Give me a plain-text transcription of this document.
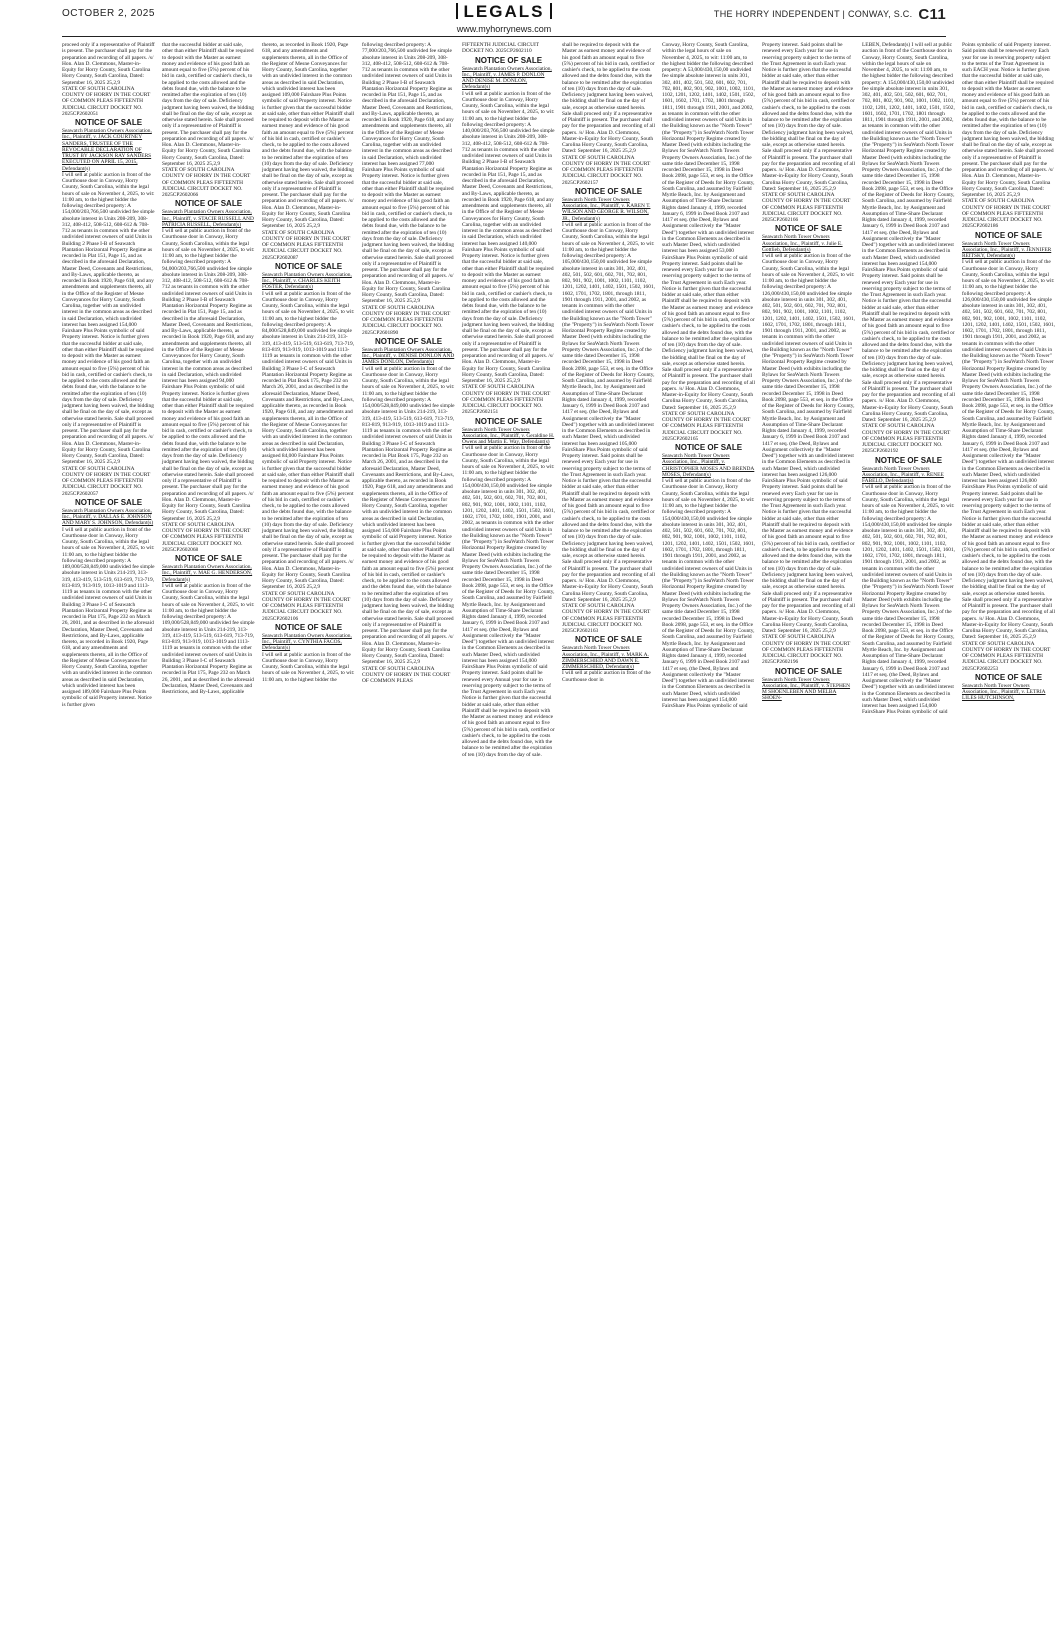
OCTOBER 2, 2025	LEGALS	THE HORRY INDEPENDENT | CONWAY, S.C. C11
www.myhorrynews.com

proceed only if a representative of Plaintiff is present. The purchaser shall pay for the preparation and recording of all papers. /s/ Hon. Alan D. Clemmons, Master-in-Equity for Horry County, South Carolina Horry County, South Carolina, Dated: September 16, 2025 25,2,9

STATE OF SOUTH CAROLINA COUNTY OF HORRY IN THE COURT OF COMMON PLEAS FIFTEENTH JUDICIAL CIRCUIT DOCKET NO. 2025CP2602051

NOTICE OF SALE

Seawatch Plantation Owners Association, Inc., Plaintiff, v. JACK COURTNEY SANDERS, TRUSTEE OF THE REVOCABLE DECLARATION OF TRUST BY JACKSON RAY SANDERS EXECUTED ON APRIL 15, 2015, Defendant(s)

I will sell at public auction in front of the Courthouse door in Conway, Horry County, South Carolina, within the legal hours of sale on November 4, 2025, to wit: 11:00 am, to the highest bidder the following described property: A 154,000/203,766,500 undivided fee simple absolute interest in Units 208-209, 308-312, 408-412, 508-512, 608-612 & 708-712 as tenants in common with the other undivided interest owners of said Units in Building 2 Phase I-B of Seawatch Plantation Horizontal Property Regime as recorded in Plat 151, Page 15, and as described in the aforesaid Declaration, Master Deed, Covenants and Restrictions, and By-Laws, applicable thereto, as recorded in Book 1920, Page 618, and any amendments and supplements thereto, all in the Office of the Register of Mesne Conveyances for Horry County, South Carolina, together with an undivided interest in the common areas as described in said Declaration, which undivided interest has been assigned 154,000 Fairshare Plus Points symbolic of said Property interest. Notice is further given that the successful bidder at said sale, other than either Plaintiff shall be required to deposit with the Master as earnest money and evidence of his good faith an amount equal to five (5%) percent of his bid in cash, certified or cashier's check, to be applied to the costs allowed and the debts found due, with the balance to be remitted after the expiration of ten (10) days from the day of sale. Deficiency judgment having been waived, the bidding shall be final on the day of sale, except as otherwise stated herein. Sale shall proceed only if a representative of Plaintiff is present. The purchaser shall pay for the preparation and recording of all papers. /s/ Hon. Alan D. Clemmons, Master-in-Equity for Horry County, South Carolina Horry County, South Carolina, Dated: September 16, 2025 25,2,9

STATE OF SOUTH CAROLINA COUNTY OF HORRY IN THE COURT OF COMMON PLEAS FIFTEENTH JUDICIAL CIRCUIT DOCKET NO. 2025CP2602057

NOTICE OF SALE

Seawatch Plantation Owners Association, Inc., Plaintiff, v. DALLAS E. JOHNSON AND MARY S. JOHNSON, Defendant(s)

I will sell at public auction in front of the Courthouse door in Conway, Horry County, South Carolina, within the legal hours of sale on November 4, 2025, to wit: 11:00 am, to the highest bidder the following described property: A 189,000/528,849,000 undivided fee simple absolute interest in Units 214-219, 313-319, 413-419, 513-519, 613-619, 713-719, 813-819, 913-919, 1013-1019 and 1113-1119 as tenants in common with the other undivided interest owners of said Units in Building 3 Phase I-C of Seawatch Plantation Horizontal Property Regime as recorded in Plat 175, Page 232 on March 26, 2001, and as described in the aforesaid Declaration, Master Deed, Covenants and Restrictions, and By-Laws, applicable thereto, as recorded in Book 1920, Page 618, and any amendments and supplements thereto, all in the Office of the Register of Mesne Conveyances for Horry County, South Carolina, together with an undivided interest in the common areas as described in said Declaration, which undivided interest has been assigned 189,000 Fairshare Plus Points symbolic of said Property interest. Notice is further given

that the successful bidder at said sale, other than either Plaintiff shall be required to deposit with the Master as earnest money and evidence of his good faith an amount equal to five (5%) percent of his bid in cash, certified or cashier's check, to be applied to the costs allowed and the debts found due, with the balance to be remitted after the expiration of ten (10) days from the day of sale. Deficiency judgment having been waived, the bidding shall be final on the day of sale, except as otherwise stated herein. Sale shall proceed only if a representative of Plaintiff is present. The purchaser shall pay for the preparation and recording of all papers. /s/ Hon. Alan D. Clemmons, Master-in-Equity for Horry County, South Carolina Horry County, South Carolina, Dated: September 16, 2025 25,2,9

STATE OF SOUTH CAROLINA COUNTY OF HORRY IN THE COURT OF COMMON PLEAS FIFTEENTH JUDICIAL CIRCUIT DOCKET NO. 2025CP2602066

NOTICE OF SALE

Seawatch Plantation Owners Association, Inc., Plaintiff, v. STACIE RUSSELL AND PATRICIA RUSSELL, Defendant(s)

I will sell at public auction in front of the Courthouse door in Conway, Horry County, South Carolina, within the legal hours of sale on November 4, 2025, to wit: 11:00 am, to the highest bidder the following described property: A 94,000/203,766,500 undivided fee simple absolute interest in Units 208-209, 308-312, 408-412, 508-512, 608-612 & 708-712 as tenants in common with the other undivided interest owners of said Units in Building 2 Phase I-B of Seawatch Plantation Horizontal Property Regime as recorded in Plat 151, Page 15, and as described in the aforesaid Declaration, Master Deed, Covenants and Restrictions, and By-Laws, applicable thereto, as recorded in Book 1920, Page 618, and any amendments and supplements thereto, all in the Office of the Register of Mesne Conveyances for Horry County, South Carolina, together with an undivided interest in the common areas as described in said Declaration, which undivided interest has been assigned 94,000 Fairshare Plus Points symbolic of said Property interest. Notice is further given that the successful bidder at said sale, other than either Plaintiff shall be required to deposit with the Master as earnest money and evidence of his good faith an amount equal to five (5%) percent of his bid in cash, certified or cashier's check, to be applied to the costs allowed and the debts found due, with the balance to be remitted after the expiration of ten (10) days from the day of sale. Deficiency judgment having been waived, the bidding shall be final on the day of sale, except as otherwise stated herein. Sale shall proceed only if a representative of Plaintiff is present. The purchaser shall pay for the preparation and recording of all papers. /s/ Hon. Alan D. Clemmons, Master-in-Equity for Horry County, South Carolina Horry County, South Carolina, Dated: September 16, 2025 25,2,9

STATE OF SOUTH CAROLINA COUNTY OF HORRY IN THE COURT OF COMMON PLEAS FIFTEENTH JUDICIAL CIRCUIT DOCKET NO. 2025CP2602068

NOTICE OF SALE

Seawatch Plantation Owners Association, Inc., Plaintiff, v. MAE G. HENDERSON, Defendant(s)

I will sell at public auction in front of the Courthouse door in Conway, Horry County, South Carolina, within the legal hours of sale on November 4, 2025, to wit: 11:00 am, to the highest bidder the following described property: A 109,000/528,849,000 undivided fee simple absolute interest in Units 214-219, 313-319, 413-419, 513-519, 613-619, 713-719, 813-819, 913-919, 1013-1019 and 1113-1119 as tenants in common with the other undivided interest owners of said Units in Building 3 Phase I-C of Seawatch Plantation Horizontal Property Regime as recorded in Plat 175, Page 232 on March 26, 2001, and as described in the aforesaid Declaration, Master Deed, Covenants and Restrictions, and By-Laws, applicable

thereto, as recorded in Book 1920, Page 618, and any amendments and supplements thereto, all in the Office of the Register of Mesne Conveyances for Horry County, South Carolina, together with an undivided interest in the common areas as described in said Declaration, which undivided interest has been assigned 109,000 Fairshare Plus Points symbolic of said Property interest. Notice is further given that the successful bidder at said sale, other than either Plaintiff shall be required to deposit with the Master as earnest money and evidence of his good faith an amount equal to five (5%) percent of his bid in cash, certified or cashier's check, to be applied to the costs allowed and the debts found due, with the balance to be remitted after the expiration of ten (10) days from the day of sale. Deficiency judgment having been waived, the bidding shall be final on the day of sale, except as otherwise stated herein. Sale shall proceed only if a representative of Plaintiff is present. The purchaser shall pay for the preparation and recording of all papers. /s/ Hon. Alan D. Clemmons, Master-in-Equity for Horry County, South Carolina Horry County, South Carolina, Dated: September 16, 2025 25,2,9

STATE OF SOUTH CAROLINA COUNTY OF HORRY IN THE COURT OF COMMON PLEAS FIFTEENTH JUDICIAL CIRCUIT DOCKET NO. 2025CP2602087

NOTICE OF SALE

Seawatch Plantation Owners Association, Inc., Plaintiff, v. CHARLES KEITH FOSTER, Defendant(s)

I will sell at public auction in front of the Courthouse door in Conway, Horry County, South Carolina, within the legal hours of sale on November 4, 2025, to wit: 11:00 am, to the highest bidder the following described property: A 84,000/528,849,000 undivided fee simple absolute interest in Units 214-219, 313-319, 413-419, 513-519, 613-619, 713-719, 813-819, 913-919, 1013-1019 and 1113-1119 as tenants in common with the other undivided interest owners of said Units in Building 3 Phase I-C of Seawatch Plantation Horizontal Property Regime as recorded in Plat Book 175, Page 232 on March 26, 2001, and as described in the aforesaid Declaration, Master Deed, Covenants and Restrictions, and By-Laws, applicable thereto, as recorded in Book 1920, Page 618, and any amendments and supplements thereto, all in the Office of the Register of Mesne Conveyances for Horry County, South Carolina, together with an undivided interest in the common areas as described in said Declaration, which undivided interest has been assigned 84,000 Fairshare Plus Points symbolic of said Property interest. Notice is further given that the successful bidder at said sale, other than either Plaintiff shall be required to deposit with the Master as earnest money and evidence of his good faith an amount equal to five (5%) percent of his bid in cash, certified or cashier's check, to be applied to the costs allowed and the debts found due, with the balance to be remitted after the expiration of ten (10) days from the day of sale. Deficiency judgment having been waived, the bidding shall be final on the day of sale, except as otherwise stated herein. Sale shall proceed only if a representative of Plaintiff is present. The purchaser shall pay for the preparation and recording of all papers. /s/ Hon. Alan D. Clemmons, Master-in-Equity for Horry County, South Carolina Horry County, South Carolina, Dated: September 16, 2025 25,2,9

STATE OF SOUTH CAROLINA COUNTY OF HORRY IN THE COURT OF COMMON PLEAS FIFTEENTH JUDICIAL CIRCUIT DOCKET NO. 2025CP2602106

NOTICE OF SALE

Seawatch Plantation Owners Association, Inc., Plaintiff, v. CYNTHIA FACOS, Defendant(s)

I will sell at public auction in front of the Courthouse door in Conway, Horry County, South Carolina, within the legal hours of sale on November 4, 2025, to wit: 11:00 am, to the highest bidder the

following described property: A 77,000/203,766,500 undivided fee simple absolute interest in Units 208-209, 308-312, 408-412, 508-512, 608-612 & 708-712 as tenants in common with the other undivided interest owners of said Units in Building 2 Phase I-B of Seawatch Plantation Horizontal Property Regime as recorded in Plat 151, Page 15, and as described in the aforesaid Declaration, Master Deed, Covenants and Restrictions, and By-Laws, applicable thereto, as recorded in Book 1920, Page 618, and any amendments and supplements thereto, all in the Office of the Register of Mesne Conveyances for Horry County, South Carolina, together with an undivided interest in the common areas as described in said Declaration, which undivided interest has been assigned 77,000 Fairshare Plus Points symbolic of said Property interest. Notice is further given that the successful bidder at said sale, other than either Plaintiff shall be required to deposit with the Master as earnest money and evidence of his good faith an amount equal to five (5%) percent of his bid in cash, certified or cashier's check, to be applied to the costs allowed and the debts found due, with the balance to be remitted after the expiration of ten (10) days from the day of sale. Deficiency judgment having been waived, the bidding shall be final on the day of sale, except as otherwise stated herein. Sale shall proceed only if a representative of Plaintiff is present. The purchaser shall pay for the preparation and recording of all papers. /s/ Hon. Alan D. Clemmons, Master-in-Equity for Horry County, South Carolina Horry County, South Carolina, Dated: September 16, 2025 25,2,9

STATE OF SOUTH CAROLINA COUNTY OF HORRY IN THE COURT OF COMMON PLEAS FIFTEENTH JUDICIAL CIRCUIT DOCKET NO. 2025CP2601890

NOTICE OF SALE

Seawatch Plantation Owners Association, Inc., Plaintiff, v. DENISE DONLON AND JAMES DONLON, Defendant(s)

I will sell at public auction in front of the Courthouse door in Conway, Horry County, South Carolina, within the legal hours of sale on November 4, 2025, to wit: 11:00 am, to the highest bidder the following described property: A 154,000/528,849,000 undivided fee simple absolute interest in Units 214-219, 313-319, 413-419, 513-519, 613-619, 713-719, 813-819, 913-919, 1013-1019 and 1113-1119 as tenants in common with the other undivided interest owners of said Units in Building 3 Phase I-C of Seawatch Plantation Horizontal Property Regime as recorded in Plat Book 175, Page 232 on March 26, 2001, and as described in the aforesaid Declaration, Master Deed, Covenants and Restrictions, and By-Laws, applicable thereto, as recorded in Book 1920, Page 618, and any amendments and supplements thereto, all in the Office of the Register of Mesne Conveyances for Horry County, South Carolina, together with an undivided interest in the common areas as described in said Declaration, which undivided interest has been assigned 154,000 Fairshare Plus Points symbolic of said Property interest. Notice is further given that the successful bidder at said sale, other than either Plaintiff shall be required to deposit with the Master as earnest money and evidence of his good faith an amount equal to five (5%) percent of his bid in cash, certified or cashier's check, to be applied to the costs allowed and the debts found due, with the balance to be remitted after the expiration of ten (10) days from the day of sale. Deficiency judgment having been waived, the bidding shall be final on the day of sale, except as otherwise stated herein. Sale shall proceed only if a representative of Plaintiff is present. The purchaser shall pay for the preparation and recording of all papers. /s/ Hon. Alan D. Clemmons, Master-in-Equity for Horry County, South Carolina Horry County, South Carolina, Dated: September 16, 2025 25,2,9

STATE OF SOUTH CAROLINA COUNTY OF HORRY IN THE COURT OF COMMON PLEAS

FIFTEENTH JUDICIAL CIRCUIT DOCKET NO. 2025CP2602110

NOTICE OF SALE

Seawatch Plantation Owners Association, Inc., Plaintiff, v. JAMES P. DONLON AND DENISE M. DONLON, Defendant(s)

I will sell at public auction in front of the Courthouse door in Conway, Horry County, South Carolina, within the legal hours of sale on November 4, 2025, to wit: 11:00 am, to the highest bidder the following described property: A 140,000/203,766,500 undivided fee simple absolute interest in Units 208-209, 308-312, 408-412, 508-512, 608-612 & 708-712 as tenants in common with the other undivided interest owners of said Units in Building 2 Phase I-B of Seawatch Plantation Horizontal Property Regime as recorded in Plat 151, Page 15, and as described in the aforesaid Declaration, Master Deed, Covenants and Restrictions, and By-Laws, applicable thereto, as recorded in Book 1920, Page 618, and any amendments and supplements thereto, all in the Office of the Register of Mesne Conveyances for Horry County, South Carolina, together with an undivided interest in the common areas as described in said Declaration, which undivided interest has been assigned 140,000 Fairshare Plus Points symbolic of said Property interest. Notice is further given that the successful bidder at said sale, other than either Plaintiff shall be required to deposit with the Master as earnest money and evidence of his good faith an amount equal to five (5%) percent of his bid in cash, certified or cashier's check, to be applied to the costs allowed and the debts found due, with the balance to be remitted after the expiration of ten (10) days from the day of sale. Deficiency judgment having been waived, the bidding shall be final on the day of sale, except as otherwise stated herein. Sale shall proceed only if a representative of Plaintiff is present. The purchaser shall pay for the preparation and recording of all papers. /s/ Hon. Alan D. Clemmons, Master-in-Equity for Horry County, South Carolina Horry County, South Carolina, Dated: September 16, 2025 25,2,9

STATE OF SOUTH CAROLINA COUNTY OF HORRY IN THE COURT OF COMMON PLEAS FIFTEENTH JUDICIAL CIRCUIT DOCKET NO. 2025CP2602151

NOTICE OF SALE

Seawatch North Tower Owners Association, Inc., Plaintiff, v. Geraldine H. Owens and Martin E. Way, Defendant(s)

I will sell at public auction in front of the Courthouse door in Conway, Horry County, South Carolina, within the legal hours of sale on November 4, 2025, to wit: 11:00 am, to the highest bidder the following described property: A 154,000/430,150,00 undivided fee simple absolute interest in units 301, 302, 401, 402, 501, 502, 601, 602, 701, 702, 801, 802, 901, 902, 1001, 1002, 1101, 1102, 1201, 1202, 1401, 1402, 1501, 1502, 1601, 1602, 1701, 1702, 1801, 1901, 2001, and 2002, as tenants in common with the other undivided interest owners of said Units in the Building known as the "North Tower" (the "Property") in SeaWatch North Tower Horizontal Property Regime created by Master Deed (with exhibits including the Bylaws for SeaWatch North Towers Property Owners Association, Inc.) of the same title dated December 15, 1998 recorded December 15, 1998 in Deed Book 2098, page 553, et seq. in the Office of the Register of Deeds for Horry County, South Carolina, and assumed by Fairfield Myrtle Beach, Inc. by Assignment and Assumption of Time-Share Declarant Rights dated January 4, 1999, recorded January 6, 1999 in Deed Book 2107 and 1417 et seq. (the Deed, Bylaws and Assignment collectively the "Master Deed") together with an undivided interest in the Common Elements as described in such Master Deed, which undivided interest has been assigned 154,000 FairsShare Plus Points symbolic of said Property interest. Said points shall be renewed every Annual year for use in reserving property subject to the terms of the Trust Agreement in such Each year. Notice is further given that the successful bidder at said sale, other than either Plaintiff shall be required to deposit with the Master as earnest money and evidence of his good faith an amount equal to five (5%) percent of his bid in cash, certified or cashier's check, to be applied to the costs allowed and the debts found due, with the balance to be remitted after the expiration of ten (10) days from the day of sale.

shall be required to deposit with the Master as earnest money and evidence of his good faith an amount equal to five (5%) percent of his bid in cash, certified or cashier's check, to be applied to the costs allowed and the debts found due, with the balance to be remitted after the expiration of ten (10) days from the day of sale. Deficiency judgment having been waived, the bidding shall be final on the day of sale, except as otherwise stated herein. Sale shall proceed only if a representative of Plaintiff is present. The purchaser shall pay for the preparation and recording of all papers. /s/ Hon. Alan D. Clemmons, Master-in-Equity for Horry County, South Carolina Horry County, South Carolina, Dated: September 16, 2025 25,2,9

STATE OF SOUTH CAROLINA COUNTY OF HORRY IN THE COURT OF COMMON PLEAS FIFTEENTH JUDICIAL CIRCUIT DOCKET NO. 2025CP2602157

NOTICE OF SALE

Seawatch North Tower Owners Association, Inc., Plaintiff, v. KAREN T. WILSON AND GEORGE R. WILSON, JR., Defendant(s)

I will sell at public auction in front of the Courthouse door in Conway, Horry County, South Carolina, within the legal hours of sale on November 4, 2025, to wit: 11:00 am, to the highest bidder the following described property: A 105,000/430,150,00 undivided fee simple absolute interest in units 301, 302, 401, 402, 501, 502, 601, 602, 701, 702, 801, 802, 901, 902, 1001, 1002, 1101, 1102, 1201, 1202, 1401, 1402, 1501, 1502, 1601, 1602, 1701, 1702, 1801, through 1811, 1901 through 1911, 2001, and 2002, as tenants in common with the other undivided interest owners of said Units in the Building known as the "North Tower" (the "Property") in SeaWatch North Tower Horizontal Property Regime created by Master Deed (with exhibits including the Bylaws for SeaWatch North Towers Property Owners Association, Inc.) of the same title dated December 15, 1998 recorded December 15, 1998 in Deed Book 2098, page 553, et seq. in the Office of the Register of Deeds for Horry County, South Carolina, and assumed by Fairfield Myrtle Beach, Inc. by Assignment and Assumption of Time-Share Declarant Rights dated January 4, 1999, recorded January 6, 1999 in Deed Book 2107 and 1417 et seq. (the Deed, Bylaws and Assignment collectively the "Master Deed") together with an undivided interest in the Common Elements as described in such Master Deed, which undivided interest has been assigned 105,000 FairsShare Plus Points symbolic of said Property interest. Said points shall be renewed every Each year for use in reserving property subject to the terms of the Trust Agreement in such Each year. Notice is further given that the successful bidder at said sale, other than either Plaintiff shall be required to deposit with the Master as earnest money and evidence of his good faith an amount equal to five (5%) percent of his bid in cash, certified or cashier's check, to be applied to the costs allowed and the debts found due, with the balance to be remitted after the expiration of ten (10) days from the day of sale. Deficiency judgment having been waived, the bidding shall be final on the day of sale, except as otherwise stated herein. Sale shall proceed only if a representative of Plaintiff is present. The purchaser shall pay for the preparation and recording of all papers. /s/ Hon. Alan D. Clemmons, Master-in-Equity for Horry County, South Carolina Horry County, South Carolina, Dated: September 16, 2025 25,2,9

STATE OF SOUTH CAROLINA COUNTY OF HORRY IN THE COURT OF COMMON PLEAS FIFTEENTH JUDICIAL CIRCUIT DOCKET NO. 2025CP2602163

NOTICE OF SALE

Seawatch North Tower Owners Association, Inc., Plaintiff, v. MARK A. ZIMMERSCHIED AND DAWN E. ZIMMERSCHIED, Defendant(s)

I will sell at public auction in front of the Courthouse door in

Conway, Horry County, South Carolina, within the legal hours of sale on November 4, 2025, to wit: 11:00 am, to the highest bidder the following described property: A 53,000/430,150,00 undivided fee simple absolute interest in units 301, 302, 401, 402, 501, 502, 601, 602, 701, 702, 801, 802, 901, 902, 1001, 1002, 1101, 1102, 1201, 1202, 1401, 1402, 1501, 1502, 1601, 1602, 1701, 1702, 1801 through 1811, 1901 through 1911, 2001, and 2002, as tenants in common with the other undivided interest owners of said Units in the Building known as the "North Tower" (the "Property") in SeaWatch North Tower Horizontal Property Regime created by Master Deed (with exhibits including the Bylaws for SeaWatch North Towers Property Owners Association, Inc.) of the same title dated December 15, 1998 recorded December 15, 1998 in Deed Book 2098, page 553, et seq. in the Office of the Register of Deeds for Horry County, South Carolina, and assumed by Fairfield Myrtle Beach, Inc. by Assignment and Assumption of Time-Share Declarant Rights dated January 4, 1999, recorded January 6, 1999 in Deed Book 2107 and 1417 et seq. (the Deed, Bylaws and Assignment collectively the "Master Deed") together with an undivided interest in the Common Elements as described in such Master Deed, which undivided interest has been assigned 53,000 FairsShare Plus Points symbolic of said Property interest. Said points shall be renewed every Each year for use in reserving property subject to the terms of the Trust Agreement in such Each year. Notice is further given that the successful bidder at said sale, other than either Plaintiff shall be required to deposit with the Master as earnest money and evidence of his good faith an amount equal to five (5%) percent of his bid in cash, certified or cashier's check, to be applied to the costs allowed and the debts found due, with the balance to be remitted after the expiration of ten (10) days from the day of sale. Deficiency judgment having been waived, the bidding shall be final on the day of sale, except as otherwise stated herein. Sale shall proceed only if a representative of Plaintiff is present. The purchaser shall pay for the preparation and recording of all papers. /s/ Hon. Alan D. Clemmons, Master-in-Equity for Horry County, South Carolina Horry County, South Carolina, Dated: September 16, 2025 25,2,9

STATE OF SOUTH CAROLINA COUNTY OF HORRY IN THE COURT OF COMMON PLEAS FIFTEENTH JUDICIAL CIRCUIT DOCKET NO. 2025CP2602165

NOTICE OF SALE

Seawatch North Tower Owners Association, Inc., Plaintiff, v. CHRISTOPHER MOSES AND BRENDA MOSES, Defendant(s)

I will sell at public auction in front of the Courthouse door in Conway, Horry County, South Carolina, within the legal hours of sale on November 4, 2025, to wit: 11:00 am, to the highest bidder the following described property: A 154,000/430,150,00 undivided fee simple absolute interest in units 301, 302, 401, 402, 501, 502, 601, 602, 701, 702, 801, 802, 901, 902, 1001, 1002, 1101, 1102, 1201, 1202, 1401, 1402, 1501, 1502, 1601, 1602, 1701, 1702, 1801, through 1811, 1901 through 1911, 2001, and 2002, as tenants in common with the other undivided interest owners of said Units in the Building known as the "North Tower" (the "Property") in SeaWatch North Tower Horizontal Property Regime created by Master Deed (with exhibits including the Bylaws for SeaWatch North Towers Property Owners Association, Inc.) of the same title dated December 15, 1998 recorded December 15, 1998 in Deed Book 2098, page 553, et seq. in the Office of the Register of Deeds for Horry County, South Carolina, and assumed by Fairfield Myrtle Beach, Inc. by Assignment and Assumption of Time-Share Declarant Rights dated January 4, 1999, recorded January 6, 1999 in Deed Book 2107 and 1417 et seq. (the Deed, Bylaws and Assignment collectively the "Master Deed") together with an undivided interest in the Common Elements as described in such Master Deed, which undivided interest has been assigned 154,000 FairsShare Plus Points symbolic of said

Property interest. Said points shall be renewed every Each year for use in reserving property subject to the terms of the Trust Agreement in such Each year. Notice is further given that the successful bidder at said sale, other than either Plaintiff shall be required to deposit with the Master as earnest money and evidence of his good faith an amount equal to five (5%) percent of his bid in cash, certified or cashier's check, to be applied to the costs allowed and the debts found due, with the balance to be remitted after the expiration of ten (10) days from the day of sale. Deficiency judgment having been waived, the bidding shall be final on the day of sale, except as otherwise stated herein. Sale shall proceed only if a representative of Plaintiff is present. The purchaser shall pay for the preparation and recording of all papers. /s/ Hon. Alan D. Clemmons, Master-in-Equity for Horry County, South Carolina Horry County, South Carolina, Dated: September 16, 2025 25,2,9

STATE OF SOUTH CAROLINA COUNTY OF HORRY IN THE COURT OF COMMON PLEAS FIFTEENTH JUDICIAL CIRCUIT DOCKET NO. 2025CP2602166

NOTICE OF SALE

Seawatch North Tower Owners Association, Inc., Plaintiff, v. Julie E. Gottlieb, Defendant(s)

I will sell at public auction in front of the Courthouse door in Conway, Horry County, South Carolina, within the legal hours of sale on November 4, 2025, to wit: 11:00 am, to the highest bidder the following described property: A 126,000/430,150,00 undivided fee simple absolute interest in units 301, 302, 401, 402, 501, 502, 601, 602, 701, 702, 801, 802, 901, 902, 1001, 1002, 1101, 1102, 1201, 1202, 1401, 1402, 1501, 1502, 1601, 1602, 1701, 1702, 1801, through 1811, 1901 through 1911, 2001, and 2002, as tenants in common with the other undivided interest owners of said Units in the Building known as the "North Tower" (the "Property") in SeaWatch North Tower Horizontal Property Regime created by Master Deed (with exhibits including the Bylaws for SeaWatch North Towers Property Owners Association, Inc.) of the same title dated December 15, 1998 recorded December 15, 1998 in Deed Book 2098, page 553, et seq. in the Office of the Register of Deeds for Horry County, South Carolina, and assumed by Fairfield Myrtle Beach, Inc. by Assignment and Assumption of Time-Share Declarant Rights dated January 4, 1999, recorded January 6, 1999 in Deed Book 2107 and 1417 et seq. (the Deed, Bylaws and Assignment collectively the "Master Deed") together with an undivided interest in the Common Elements as described in such Master Deed, which undivided interest has been assigned 126,000 FairsShare Plus Points symbolic of said Property interest. Said points shall be renewed every Each year for use in reserving property subject to the terms of the Trust Agreement in such Each year. Notice is further given that the successful bidder at said sale, other than either Plaintiff shall be required to deposit with the Master as earnest money and evidence of his good faith an amount equal to five (5%) percent of his bid in cash, certified or cashier's check, to be applied to the costs allowed and the debts found due, with the balance to be remitted after the expiration of ten (10) days from the day of sale. Deficiency judgment having been waived, the bidding shall be final on the day of sale, except as otherwise stated herein. Sale shall proceed only if a representative of Plaintiff is present. The purchaser shall pay for the preparation and recording of all papers. /s/ Hon. Alan D. Clemmons, Master-in-Equity for Horry County, South Carolina Horry County, South Carolina, Dated: September 16, 2025 25,2,9

STATE OF SOUTH CAROLINA COUNTY OF HORRY IN THE COURT OF COMMON PLEAS FIFTEENTH JUDICIAL CIRCUIT DOCKET NO. 2025CP2602196

NOTICE OF SALE

Seawatch North Tower Owners Association, Inc., Plaintiff, v. STEPHEN M SHOENLEBEN AND MELBA SHOEN-

LEBEN, Defendant(s) I will sell at public auction in front of the Courthouse door in Conway, Horry County, South Carolina, within the legal hours of sale on November 4, 2025, to wit: 11:00 am, to the highest bidder the following described property: A 154,000/430,150,00 undivided fee simple absolute interest in units 301, 302, 401, 402, 501, 502, 601, 602, 701, 702, 801, 802, 901, 902, 1001, 1002, 1101, 1102, 1201, 1202, 1401, 1402, 1501, 1502, 1601, 1602, 1701, 1702, 1801 through 1811, 1901 through 1911, 2001, and 2002, as tenants in common with the other undivided interest owners of said Units in the Building known as the "North Tower" (the "Property") in SeaWatch North Tower Horizontal Property Regime created by Master Deed (with exhibits including the Bylaws for SeaWatch North Towers Property Owners Association, Inc.) of the same title dated December 15, 1998 recorded December 15, 1998 in Deed Book 2098, page 553, et seq. in the Office of the Register of Deeds for Horry County, South Carolina, and assumed by Fairfield Myrtle Beach, Inc. by Assignment and Assumption of Time-Share Declarant Rights dated January 4, 1999, recorded January 6, 1999 in Deed Book 2107 and 1417 et seq. (the Deed, Bylaws and Assignment collectively the "Master Deed") together with an undivided interest in the Common Elements as described in such Master Deed, which undivided interest has been assigned 154,000 FairsShare Plus Points symbolic of said Property interest. Said points shall be renewed every Each year for use in reserving property subject to the terms of the Trust Agreement in such Each year. Notice is further given that the successful bidder at said sale, other than either Plaintiff shall be required to deposit with the Master as earnest money and evidence of his good faith an amount equal to five (5%) percent of his bid in cash, certified or cashier's check, to be applied to the costs allowed and the debts found due, with the balance to be remitted after the expiration of ten (10) days from the day of sale. Deficiency judgment having been waived, the bidding shall be final on the day of sale, except as otherwise stated herein. Sale shall proceed only if a representative of Plaintiff is present. The purchaser shall pay for the preparation and recording of all papers. /s/ Hon. Alan D. Clemmons, Master-in-Equity for Horry County, South Carolina Horry County, South Carolina, Dated: September 16, 2025 25,2,9

STATE OF SOUTH CAROLINA COUNTY OF HORRY IN THE COURT OF COMMON PLEAS FIFTEENTH JUDICIAL CIRCUIT DOCKET NO. 2025CP2602192

NOTICE OF SALE

Seawatch North Tower Owners Association, Inc., Plaintiff, v. RENEE FABELO, Defendant(s)

I will sell at public auction in front of the Courthouse door in Conway, Horry County, South Carolina, within the legal hours of sale on November 4, 2025, to wit: 11:00 am, to the highest bidder the following described property: A 154,000/430,150,00 undivided fee simple absolute interest in units 301, 302, 401, 402, 501, 502, 601, 602, 701, 702, 801, 802, 901, 902, 1001, 1002, 1101, 1102, 1201, 1202, 1401, 1402, 1501, 1502, 1601, 1602, 1701, 1702, 1801, through 1811, 1901 through 1911, 2001, and 2002, as tenants in common with the other undivided interest owners of said Units in the Building known as the "North Tower" (the "Property") in SeaWatch North Tower Horizontal Property Regime created by Master Deed (with exhibits including the Bylaws for SeaWatch North Towers Property Owners Association, Inc.) of the same title dated December 15, 1998 recorded December 15, 1998 in Deed Book 2098, page 553, et seq. in the Office of the Register of Deeds for Horry County, South Carolina, and assumed by Fairfield Myrtle Beach, Inc. by Assignment and Assumption of Time-Share Declarant Rights dated January 4, 1999, recorded January 6, 1999 in Deed Book 2107 and 1417 et seq. (the Deed, Bylaws and Assignment collectively the "Master Deed") together with an undivided interest in the Common Elements as described in such Master Deed, which undivided interest has been assigned 154,000 FairsShare Plus Points symbolic of said

Points symbolic of said Property interest. Said points shall be renewed every Each year for use in reserving property subject to the terms of the Trust Agreement in such EACH year. Notice is further given that the successful bidder at said sale, other than either Plaintiff shall be required to deposit with the Master as earnest money and evidence of his good faith an amount equal to five (5%) percent of his bid in cash, certified or cashier's check, to be applied to the costs allowed and the debts found due, with the balance to be remitted after the expiration of ten (10) days from the day of sale. Deficiency judgment having been waived, the bidding shall be final on the day of sale, except as otherwise stated herein. Sale shall proceed only if a representative of Plaintiff is present. The purchaser shall pay for the preparation and recording of all papers. /s/ Hon. Alan D. Clemmons, Master-in-Equity for Horry County, South Carolina Horry County, South Carolina, Dated: September 16, 2025 25,2,9

STATE OF SOUTH CAROLINA COUNTY OF HORRY IN THE COURT OF COMMON PLEAS FIFTEENTH JUDICIAL CIRCUIT DOCKET NO. 2025CP2602186

NOTICE OF SALE

Seawatch North Tower Owners Association, Inc., Plaintiff, v. JENNIFER REITSKY, Defendant(s)

I will sell at public auction in front of the Courthouse door in Conway, Horry County, South Carolina, within the legal hours of sale on November 4, 2025, to wit: 11:00 am, to the highest bidder the following described property: A 126,000/430,150,00 undivided fee simple absolute interest in units 301, 302, 401, 402, 501, 502, 601, 602, 701, 702, 801, 802, 901, 902, 1001, 1002, 1101, 1102, 1201, 1202, 1401, 1402, 1501, 1502, 1601, 1602, 1701, 1702, 1801, through 1811, 1901 through 1911, 2001, and 2002, as tenants in common with the other undivided interest owners of said Units in the Building known as the "North Tower" (the "Property") in SeaWatch North Tower Horizontal Property Regime created by Master Deed (with exhibits including the Bylaws for SeaWatch North Towers Property Owners Association, Inc.) of the same title dated December 15, 1998 recorded December 15, 1998 in Deed Book 2098, page 553, et seq. in the Office of the Register of Deeds for Horry County, South Carolina, and assumed by Fairfield Myrtle Beach, Inc. by Assignment and Assumption of Time-Share Declarant Rights dated January 4, 1999, recorded January 6, 1999 in Deed Book 2107 and 1417 et seq. (the Deed, Bylaws and Assignment collectively the "Master Deed") together with an undivided interest in the Common Elements as described in such Master Deed, which undivided interest has been assigned 126,000 FairsShare Plus Points symbolic of said Property interest. Said points shall be renewed every Each year for use in reserving property subject to the terms of the Trust Agreement in such Each year. Notice is further given that the successful bidder at said sale, other than either Plaintiff shall be required to deposit with the Master as earnest money and evidence of his good faith an amount equal to five (5%) percent of his bid in cash, certified or cashier's check, to be applied to the costs allowed and the debts found due, with the balance to be remitted after the expiration of ten (10) days from the day of sale. Deficiency judgment having been waived, the bidding shall be final on the day of sale, except as otherwise stated herein. Sale shall proceed only if a representative of Plaintiff is present. The purchaser shall pay for the preparation and recording of all papers. /s/ Hon. Alan D. Clemmons, Master-in-Equity for Horry County, South Carolina Horry County, South Carolina, Dated: September 16, 2025 25,2,9

STATE OF SOUTH CAROLINA COUNTY OF HORRY IN THE COURT OF COMMON PLEAS FIFTEENTH JUDICIAL CIRCUIT DOCKET NO. 2025CP2602253

NOTICE OF SALE

Seawatch North Tower Owners Association, Inc., Plaintiff, v. LETRIA LILES HUTCHINSON,
